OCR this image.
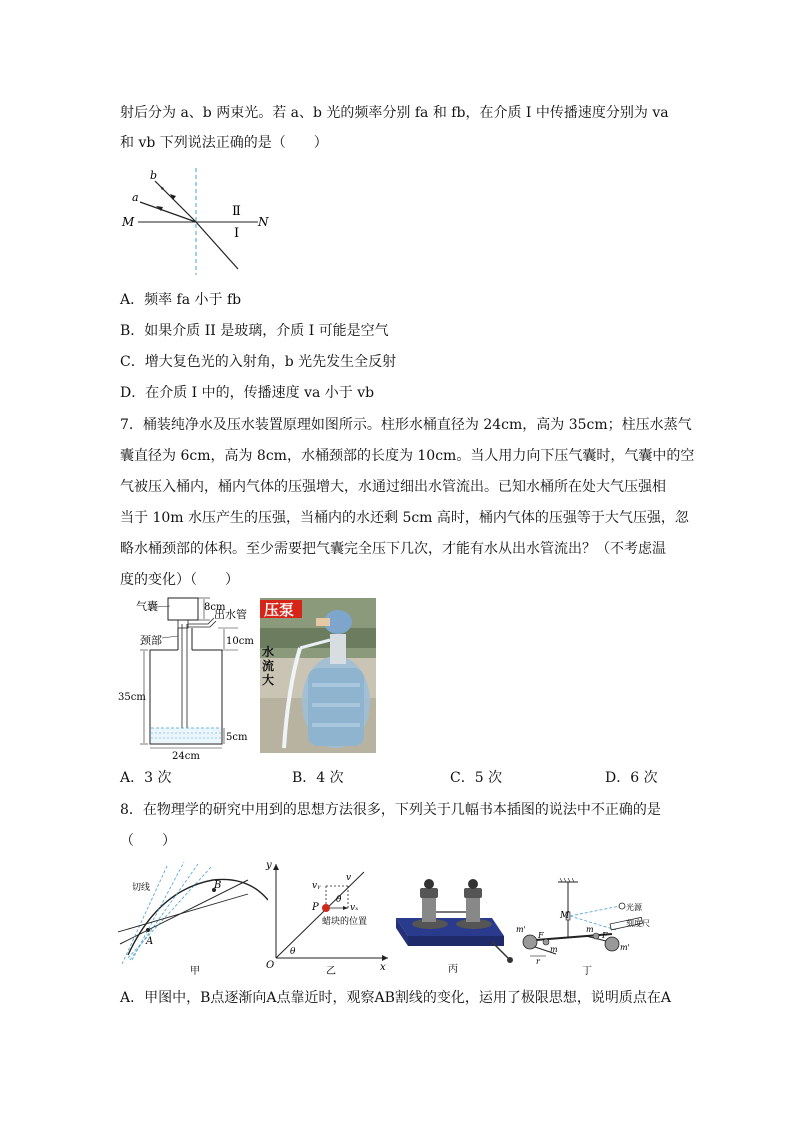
射后分为 a、b 两束光。若 a、b 光的频率分别 fa 和 fb，在介质 I 中传播速度分别为 va
和 vb 下列说法正确的是（　　）
b
a
M	N
Ⅱ
Ⅰ
A．频率 fa 小于 fb
B．如果介质 II 是玻璃，介质 I 可能是空气
C．增大复色光的入射角，b 光先发生全反射
D．在介质 I 中的，传播速度 va 小于 vb
7．桶装纯净水及压水装置原理如图所示。柱形水桶直径为 24cm，高为 35cm；柱压水蒸气
囊直径为 6cm，高为 8cm，水桶颈部的长度为 10cm。当人用力向下压气囊时，气囊中的空
气被压入桶内，桶内气体的压强增大，水通过细出水管流出。已知水桶所在处大气压强相
当于 10m 水压产生的压强，当桶内的水还剩 5cm 高时，桶内气体的压强等于大气压强，忽
略水桶颈部的体积。至少需要把气囊完全压下几次，才能有水从出水管流出？（不考虑温
度的变化）（　　）
8cm
出水管
气囊
颈部	10cm
35cm
5cm
24cm
压泵
水
流
大
A．3 次	B．4 次	C．5 次	D．6 次
8．在物理学的研究中用到的思想方法很多，下列关于几幅书本插图的说法中不正确的是
（　　）
A
B
切线
甲
y
x
O
P
v
vᵧ
vₓ
θ
θ
蜡块的位置
乙	丙
M
光源
刻度尺
m'
m'
m
m
F	F
r
丁
A．甲图中，B点逐渐向A点靠近时，观察AB割线的变化，运用了极限思想，说明质点在A
